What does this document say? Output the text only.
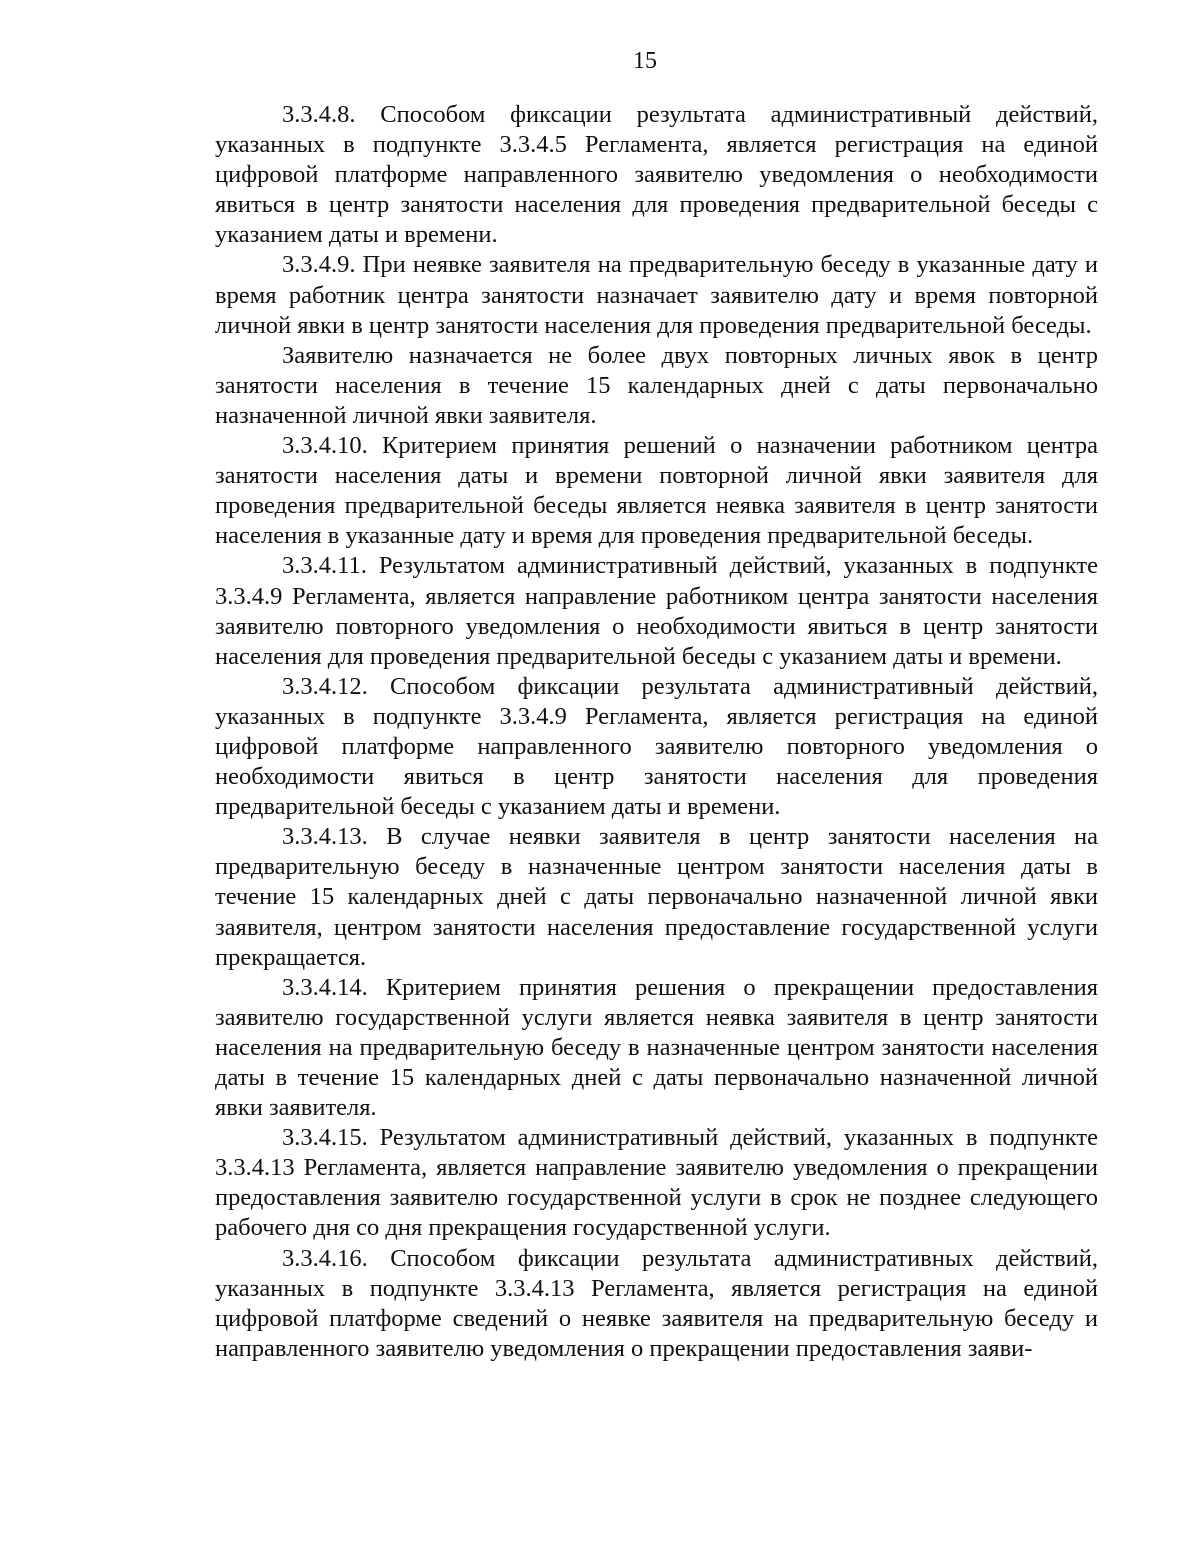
15

3.3.4.8. Способом фиксации результата административный действий, указанных в подпункте 3.3.4.5 Регламента, является регистрация на единой цифровой платформе направленного заявителю уведомления о необходимости явиться в центр занятости населения для проведения предварительной беседы с указанием даты и времени.

3.3.4.9. При неявке заявителя на предварительную беседу в указанные дату и время работник центра занятости назначает заявителю дату и время повторной личной явки в центр занятости населения для проведения предварительной беседы.

Заявителю назначается не более двух повторных личных явок в центр занятости населения в течение 15 календарных дней с даты первоначально назначенной личной явки заявителя.

3.3.4.10. Критерием принятия решений о назначении работником центра занятости населения даты и времени повторной личной явки заявителя для проведения предварительной беседы является неявка заявителя в центр занятости населения в указанные дату и время для проведения предварительной беседы.

3.3.4.11. Результатом административный действий, указанных в подпункте 3.3.4.9 Регламента, является направление работником центра занятости населения заявителю повторного уведомления о необходимости явиться в центр занятости населения для проведения предварительной беседы с указанием даты и времени.

3.3.4.12. Способом фиксации результата административный действий, указанных в подпункте 3.3.4.9 Регламента, является регистрация на единой цифровой платформе направленного заявителю повторного уведомления о необходимости явиться в центр занятости населения для проведения предварительной беседы с указанием даты и времени.

3.3.4.13. В случае неявки заявителя в центр занятости населения на предварительную беседу в назначенные центром занятости населения даты в течение 15 календарных дней с даты первоначально назначенной личной явки заявителя, центром занятости населения предоставление государственной услуги прекращается.

3.3.4.14. Критерием принятия решения о прекращении предоставления заявителю государственной услуги является неявка заявителя в центр занятости населения на предварительную беседу в назначенные центром занятости населения даты в течение 15 календарных дней с даты первоначально назначенной личной явки заявителя.

3.3.4.15. Результатом административный действий, указанных в подпункте 3.3.4.13 Регламента, является направление заявителю уведомления о прекращении предоставления заявителю государственной услуги в срок не позднее следующего рабочего дня со дня прекращения государственной услуги.

3.3.4.16. Способом фиксации результата административных действий, указанных в подпункте 3.3.4.13 Регламента, является регистрация на единой цифровой платформе сведений о неявке заявителя на предварительную беседу и направленного заявителю уведомления о прекращении предоставления заяви-
